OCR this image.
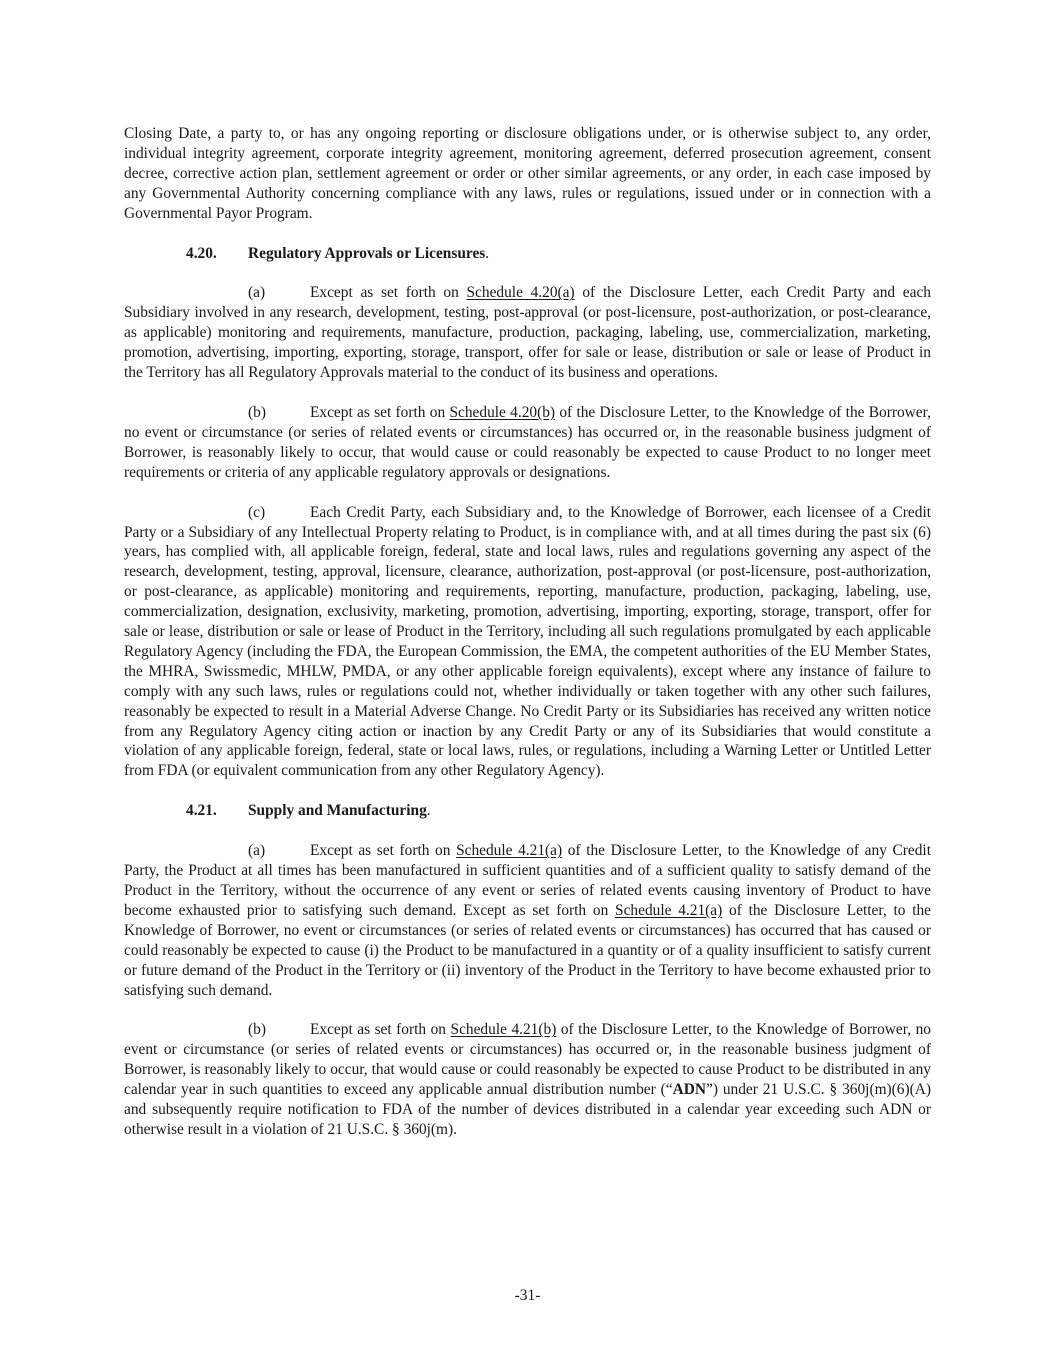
Closing Date, a party to, or has any ongoing reporting or disclosure obligations under, or is otherwise subject to, any order, individual integrity agreement, corporate integrity agreement, monitoring agreement, deferred prosecution agreement, consent decree, corrective action plan, settlement agreement or order or other similar agreements, or any order, in each case imposed by any Governmental Authority concerning compliance with any laws, rules or regulations, issued under or in connection with a Governmental Payor Program.

4.20. Regulatory Approvals or Licensures.

(a)	Except as set forth on Schedule 4.20(a) of the Disclosure Letter, each Credit Party and each Subsidiary involved in any research, development, testing, post-approval (or post-licensure, post-authorization, or post-clearance, as applicable) monitoring and requirements, manufacture, production, packaging, labeling, use, commercialization, marketing, promotion, advertising, importing, exporting, storage, transport, offer for sale or lease, distribution or sale or lease of Product in the Territory has all Regulatory Approvals material to the conduct of its business and operations.

(b)	Except as set forth on Schedule 4.20(b) of the Disclosure Letter, to the Knowledge of the Borrower, no event or circumstance (or series of related events or circumstances) has occurred or, in the reasonable business judgment of Borrower, is reasonably likely to occur, that would cause or could reasonably be expected to cause Product to no longer meet requirements or criteria of any applicable regulatory approvals or designations.

(c)	Each Credit Party, each Subsidiary and, to the Knowledge of Borrower, each licensee of a Credit Party or a Subsidiary of any Intellectual Property relating to Product, is in compliance with, and at all times during the past six (6) years, has complied with, all applicable foreign, federal, state and local laws, rules and regulations governing any aspect of the research, development, testing, approval, licensure, clearance, authorization, post-approval (or post-licensure, post-authorization, or post-clearance, as applicable) monitoring and requirements, reporting, manufacture, production, packaging, labeling, use, commercialization, designation, exclusivity, marketing, promotion, advertising, importing, exporting, storage, transport, offer for sale or lease, distribution or sale or lease of Product in the Territory, including all such regulations promulgated by each applicable Regulatory Agency (including the FDA, the European Commission, the EMA, the competent authorities of the EU Member States, the MHRA, Swissmedic, MHLW, PMDA, or any other applicable foreign equivalents), except where any instance of failure to comply with any such laws, rules or regulations could not, whether individually or taken together with any other such failures, reasonably be expected to result in a Material Adverse Change. No Credit Party or its Subsidiaries has received any written notice from any Regulatory Agency citing action or inaction by any Credit Party or any of its Subsidiaries that would constitute a violation of any applicable foreign, federal, state or local laws, rules, or regulations, including a Warning Letter or Untitled Letter from FDA (or equivalent communication from any other Regulatory Agency).

4.21. Supply and Manufacturing.

(a)	Except as set forth on Schedule 4.21(a) of the Disclosure Letter, to the Knowledge of any Credit Party, the Product at all times has been manufactured in sufficient quantities and of a sufficient quality to satisfy demand of the Product in the Territory, without the occurrence of any event or series of related events causing inventory of Product to have become exhausted prior to satisfying such demand. Except as set forth on Schedule 4.21(a) of the Disclosure Letter, to the Knowledge of Borrower, no event or circumstances (or series of related events or circumstances) has occurred that has caused or could reasonably be expected to cause (i) the Product to be manufactured in a quantity or of a quality insufficient to satisfy current or future demand of the Product in the Territory or (ii) inventory of the Product in the Territory to have become exhausted prior to satisfying such demand.

(b)	Except as set forth on Schedule 4.21(b) of the Disclosure Letter, to the Knowledge of Borrower, no event or circumstance (or series of related events or circumstances) has occurred or, in the reasonable business judgment of Borrower, is reasonably likely to occur, that would cause or could reasonably be expected to cause Product to be distributed in any calendar year in such quantities to exceed any applicable annual distribution number (“ADN”) under 21 U.S.C. § 360j(m)(6)(A) and subsequently require notification to FDA of the number of devices distributed in a calendar year exceeding such ADN or otherwise result in a violation of 21 U.S.C. § 360j(m).

-31-
